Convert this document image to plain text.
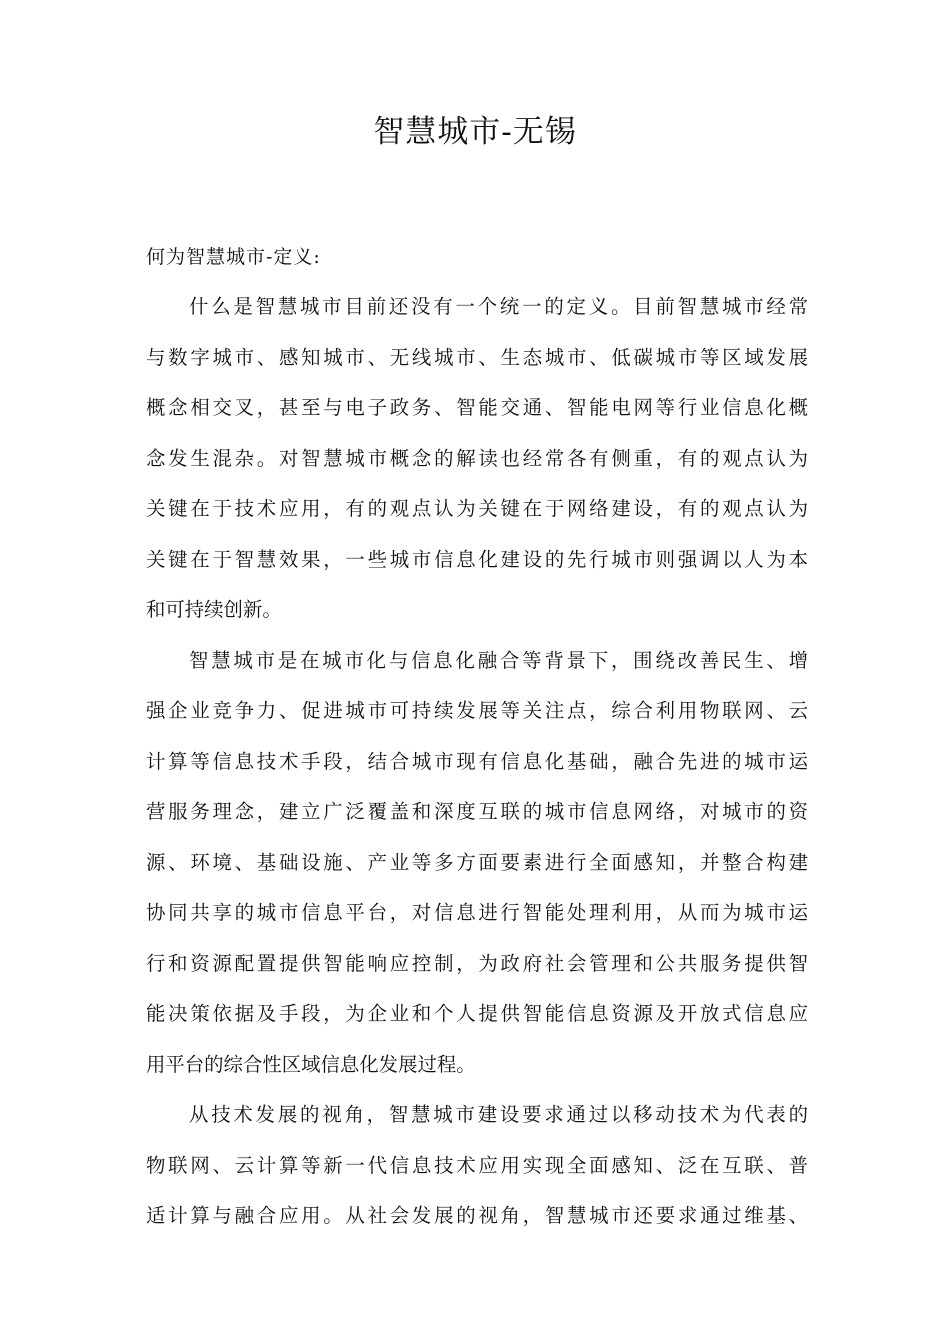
智慧城市-无锡
何为智慧城市-定义:
什么是智慧城市目前还没有一个统一的定义。目前智慧城市经常
与数字城市、感知城市、无线城市、生态城市、低碳城市等区域发展
概念相交叉，甚至与电子政务、智能交通、智能电网等行业信息化概
念发生混杂。对智慧城市概念的解读也经常各有侧重，有的观点认为
关键在于技术应用，有的观点认为关键在于网络建设，有的观点认为
关键在于智慧效果，一些城市信息化建设的先行城市则强调以人为本
和可持续创新。
智慧城市是在城市化与信息化融合等背景下，围绕改善民生、增
强企业竞争力、促进城市可持续发展等关注点，综合利用物联网、云
计算等信息技术手段，结合城市现有信息化基础，融合先进的城市运
营服务理念，建立广泛覆盖和深度互联的城市信息网络，对城市的资
源、环境、基础设施、产业等多方面要素进行全面感知，并整合构建
协同共享的城市信息平台，对信息进行智能处理利用，从而为城市运
行和资源配置提供智能响应控制，为政府社会管理和公共服务提供智
能决策依据及手段，为企业和个人提供智能信息资源及开放式信息应
用平台的综合性区域信息化发展过程。
从技术发展的视角，智慧城市建设要求通过以移动技术为代表的
物联网、云计算等新一代信息技术应用实现全面感知、泛在互联、普
适计算与融合应用。从社会发展的视角，智慧城市还要求通过维基、
